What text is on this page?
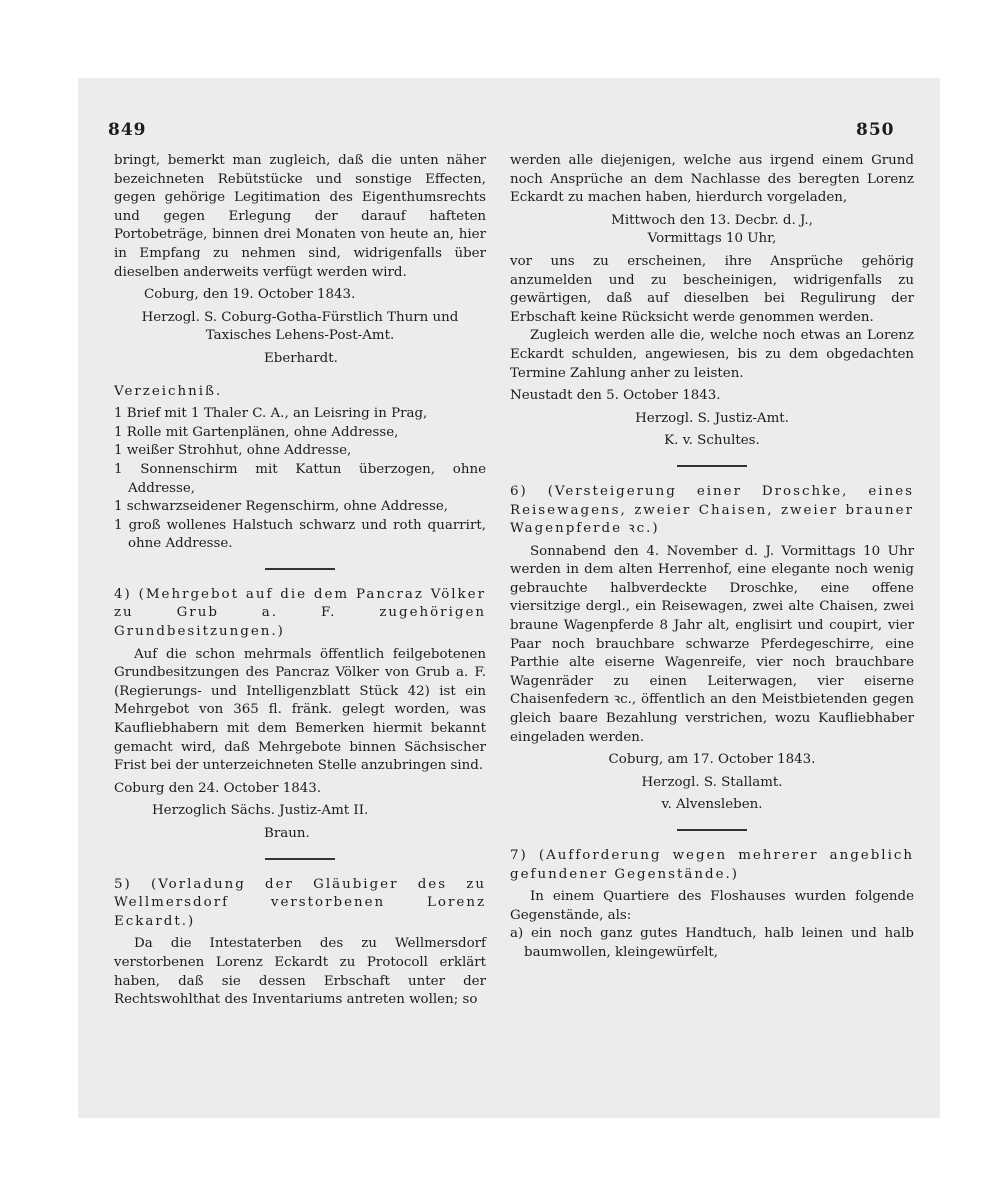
849	850

bringt, bemerkt man zugleich, daß die unten näher bezeichneten Rebütstücke und sonstige Effecten, gegen gehörige Legitimation des Eigenthumsrechts und gegen Erlegung der darauf hafteten Portobeträge, binnen drei Monaten von heute an, hier in Empfang zu nehmen sind, widrigenfalls über dieselben anderweits verfügt werden wird.

Coburg, den 19. October 1843.

Herzogl. S. Coburg-Gotha-Fürstlich Thurn und Taxisches Lehens-Post-Amt.

Eberhardt.

Verzeichniß.

1 Brief mit 1 Thaler C. A., an Leisring in Prag,

1 Rolle mit Gartenplänen, ohne Addresse,

1 weißer Strohhut, ohne Addresse,

1 Sonnenschirm mit Kattun überzogen, ohne Addresse,

1 schwarzseidener Regenschirm, ohne Addresse,

1 groß wollenes Halstuch schwarz und roth quarrirt, ohne Addresse.

4) (Mehrgebot auf die dem Pancraz Völker zu Grub a. F. zugehörigen Grundbesitzungen.)

Auf die schon mehrmals öffentlich feilgebotenen Grundbesitzungen des Pancraz Völker von Grub a. F. (Regierungs- und Intelligenzblatt Stück 42) ist ein Mehrgebot von 365 fl. fränk. gelegt worden, was Kaufliebhabern mit dem Bemerken hiermit bekannt gemacht wird, daß Mehrgebote binnen Sächsischer Frist bei der unterzeichneten Stelle anzubringen sind.

Coburg den 24. October 1843.

Herzoglich Sächs. Justiz-Amt II.

Braun.

5) (Vorladung der Gläubiger des zu Wellmersdorf verstorbenen Lorenz Eckardt.)

Da die Intestaterben des zu Wellmersdorf verstorbenen Lorenz Eckardt zu Protocoll erklärt haben, daß sie dessen Erbschaft unter der Rechtswohlthat des Inventariums antreten wollen; so

werden alle diejenigen, welche aus irgend einem Grund noch Ansprüche an dem Nachlasse des beregten Lorenz Eckardt zu machen haben, hierdurch vorgeladen,

Mittwoch den 13. Decbr. d. J.,

Vormittags 10 Uhr,

vor uns zu erscheinen, ihre Ansprüche gehörig anzumelden und zu bescheinigen, widrigenfalls zu gewärtigen, daß auf dieselben bei Regulirung der Erbschaft keine Rücksicht werde genommen werden.

Zugleich werden alle die, welche noch etwas an Lorenz Eckardt schulden, angewiesen, bis zu dem obgedachten Termine Zahlung anher zu leisten.

Neustadt den 5. October 1843.

Herzogl. S. Justiz-Amt.

K. v. Schultes.

6) (Versteigerung einer Droschke, eines Reisewagens, zweier Chaisen, zweier brauner Wagenpferde ꝛc.)

Sonnabend den 4. November d. J. Vormittags 10 Uhr werden in dem alten Herrenhof, eine elegante noch wenig gebrauchte halbverdeckte Droschke, eine offene viersitzige dergl., ein Reisewagen, zwei alte Chaisen, zwei braune Wagenpferde 8 Jahr alt, englisirt und coupirt, vier Paar noch brauchbare schwarze Pferdegeschirre, eine Parthie alte eiserne Wagenreife, vier noch brauchbare Wagenräder zu einen Leiterwagen, vier eiserne Chaisenfedern ꝛc., öffentlich an den Meistbietenden gegen gleich baare Bezahlung verstrichen, wozu Kaufliebhaber eingeladen werden.

Coburg, am 17. October 1843.

Herzogl. S. Stallamt.

v. Alvensleben.

7) (Aufforderung wegen mehrerer angeblich gefundener Gegenstände.)

In einem Quartiere des Floshauses wurden folgende Gegenstände, als:

a) ein noch ganz gutes Handtuch, halb leinen und halb baumwollen, kleingewürfelt,
